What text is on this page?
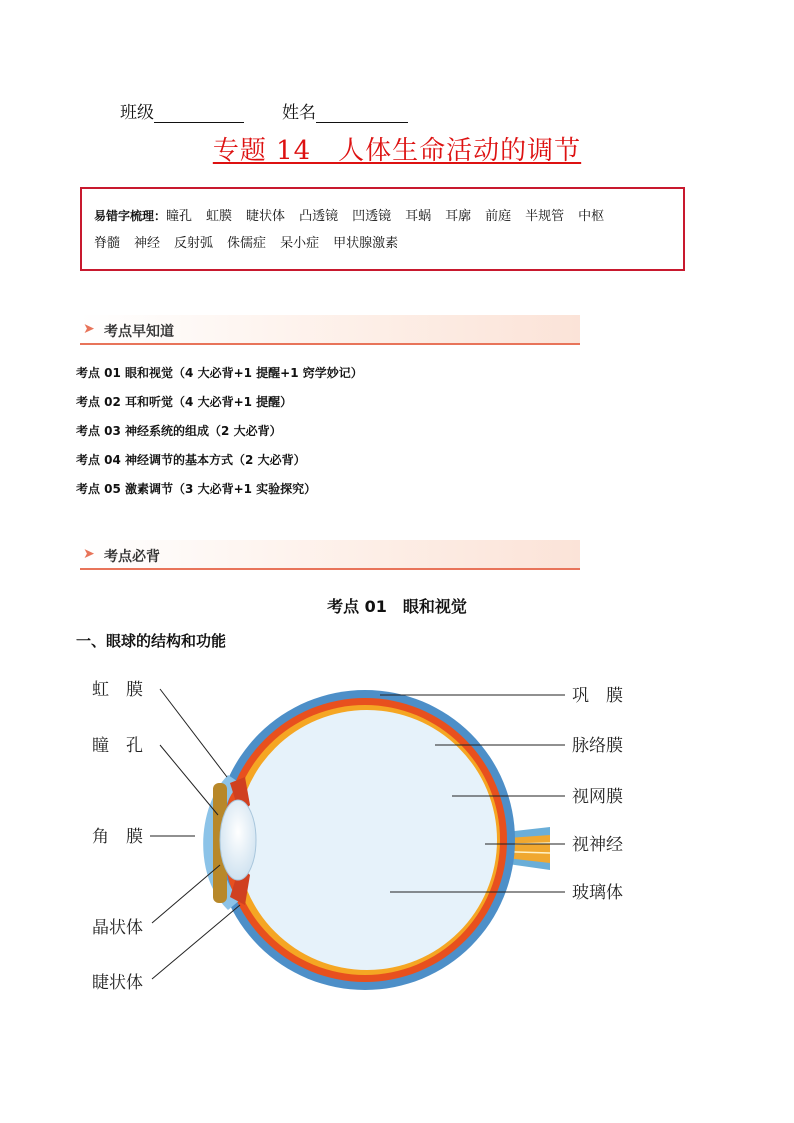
班级	姓名
专题 14　人体生命活动的调节
易错字梳理：瞳孔 虹膜 睫状体 凸透镜 凹透镜 耳蜗 耳廓 前庭 半规管 中枢
脊髓 神经 反射弧 侏儒症 呆小症 甲状腺激素
➤ 考点早知道
考点 01 眼和视觉（4 大必背+1 提醒+1 窍学妙记）
考点 02 耳和听觉（4 大必背+1 提醒）
考点 03 神经系统的组成（2 大必背）
考点 04 神经调节的基本方式（2 大必背）
考点 05 激素调节（3 大必背+1 实验探究）
➤ 考点必背
考点 01　眼和视觉
一、眼球的结构和功能
虹　膜
瞳　孔
角　膜
晶状体
睫状体
巩　膜
脉络膜
视网膜
视神经
玻璃体
